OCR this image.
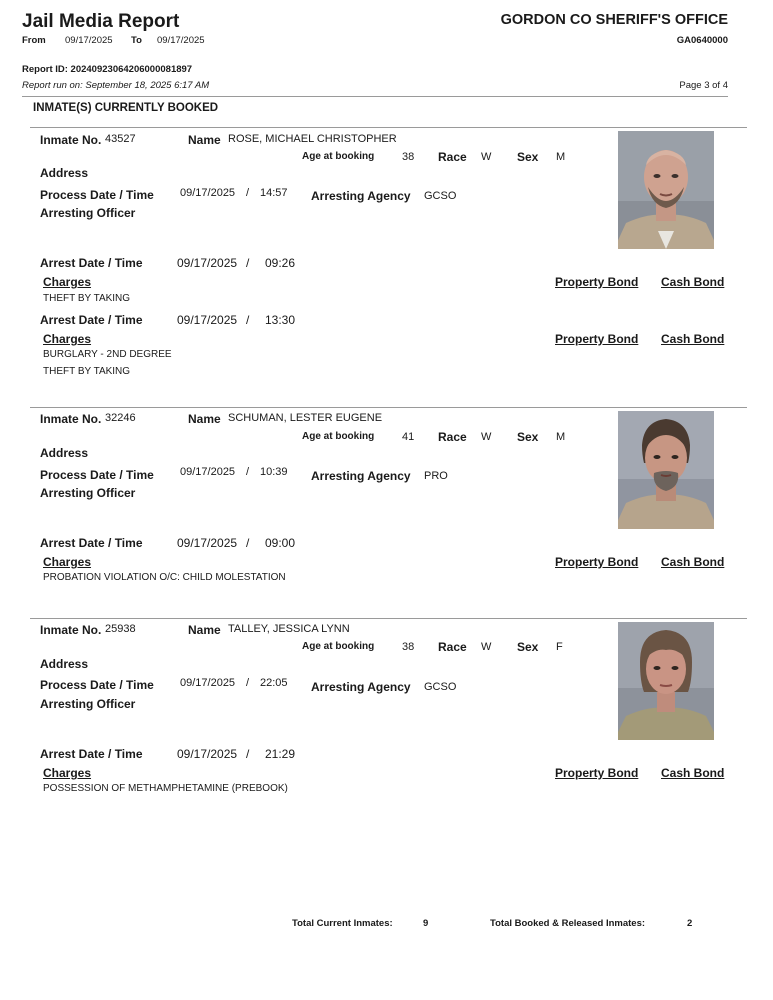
Jail Media Report	GORDON CO SHERIFF'S OFFICE
GA0640000
From 09/17/2025 To 09/17/2025
Report ID: 20240923064206000081897
Report run on: September 18, 2025 6:17 AM	Page 3 of 4
INMATE(S) CURRENTLY BOOKED
Inmate No. 43527	Name ROSE, MICHAEL CHRISTOPHER
Age at booking	38 Race W Sex M
Address
Process Date / Time 09/17/2025 / 14:57 Arresting Agency GCSO
Arresting Officer
Arrest Date / Time	09/17/2025 / 09:26
Charges	Property Bond Cash Bond
THEFT BY TAKING
Arrest Date / Time	09/17/2025 / 13:30
Charges	Property Bond Cash Bond
BURGLARY - 2ND DEGREE
THEFT BY TAKING
Inmate No. 32246	Name SCHUMAN, LESTER EUGENE
Age at booking	41 Race W Sex M
Address
Process Date / Time 09/17/2025 / 10:39 Arresting Agency PRO
Arresting Officer
Arrest Date / Time	09/17/2025 / 09:00
Charges	Property Bond Cash Bond
PROBATION VIOLATION O/C: CHILD MOLESTATION
Inmate No. 25938	Name TALLEY, JESSICA LYNN
Age at booking	38 Race W Sex F
Address
Process Date / Time 09/17/2025 / 22:05 Arresting Agency GCSO
Arresting Officer
Arrest Date / Time	09/17/2025 / 21:29
Charges	Property Bond Cash Bond
POSSESSION OF METHAMPHETAMINE (PREBOOK)
Total Current Inmates:	9	Total Booked & Released Inmates:	2
